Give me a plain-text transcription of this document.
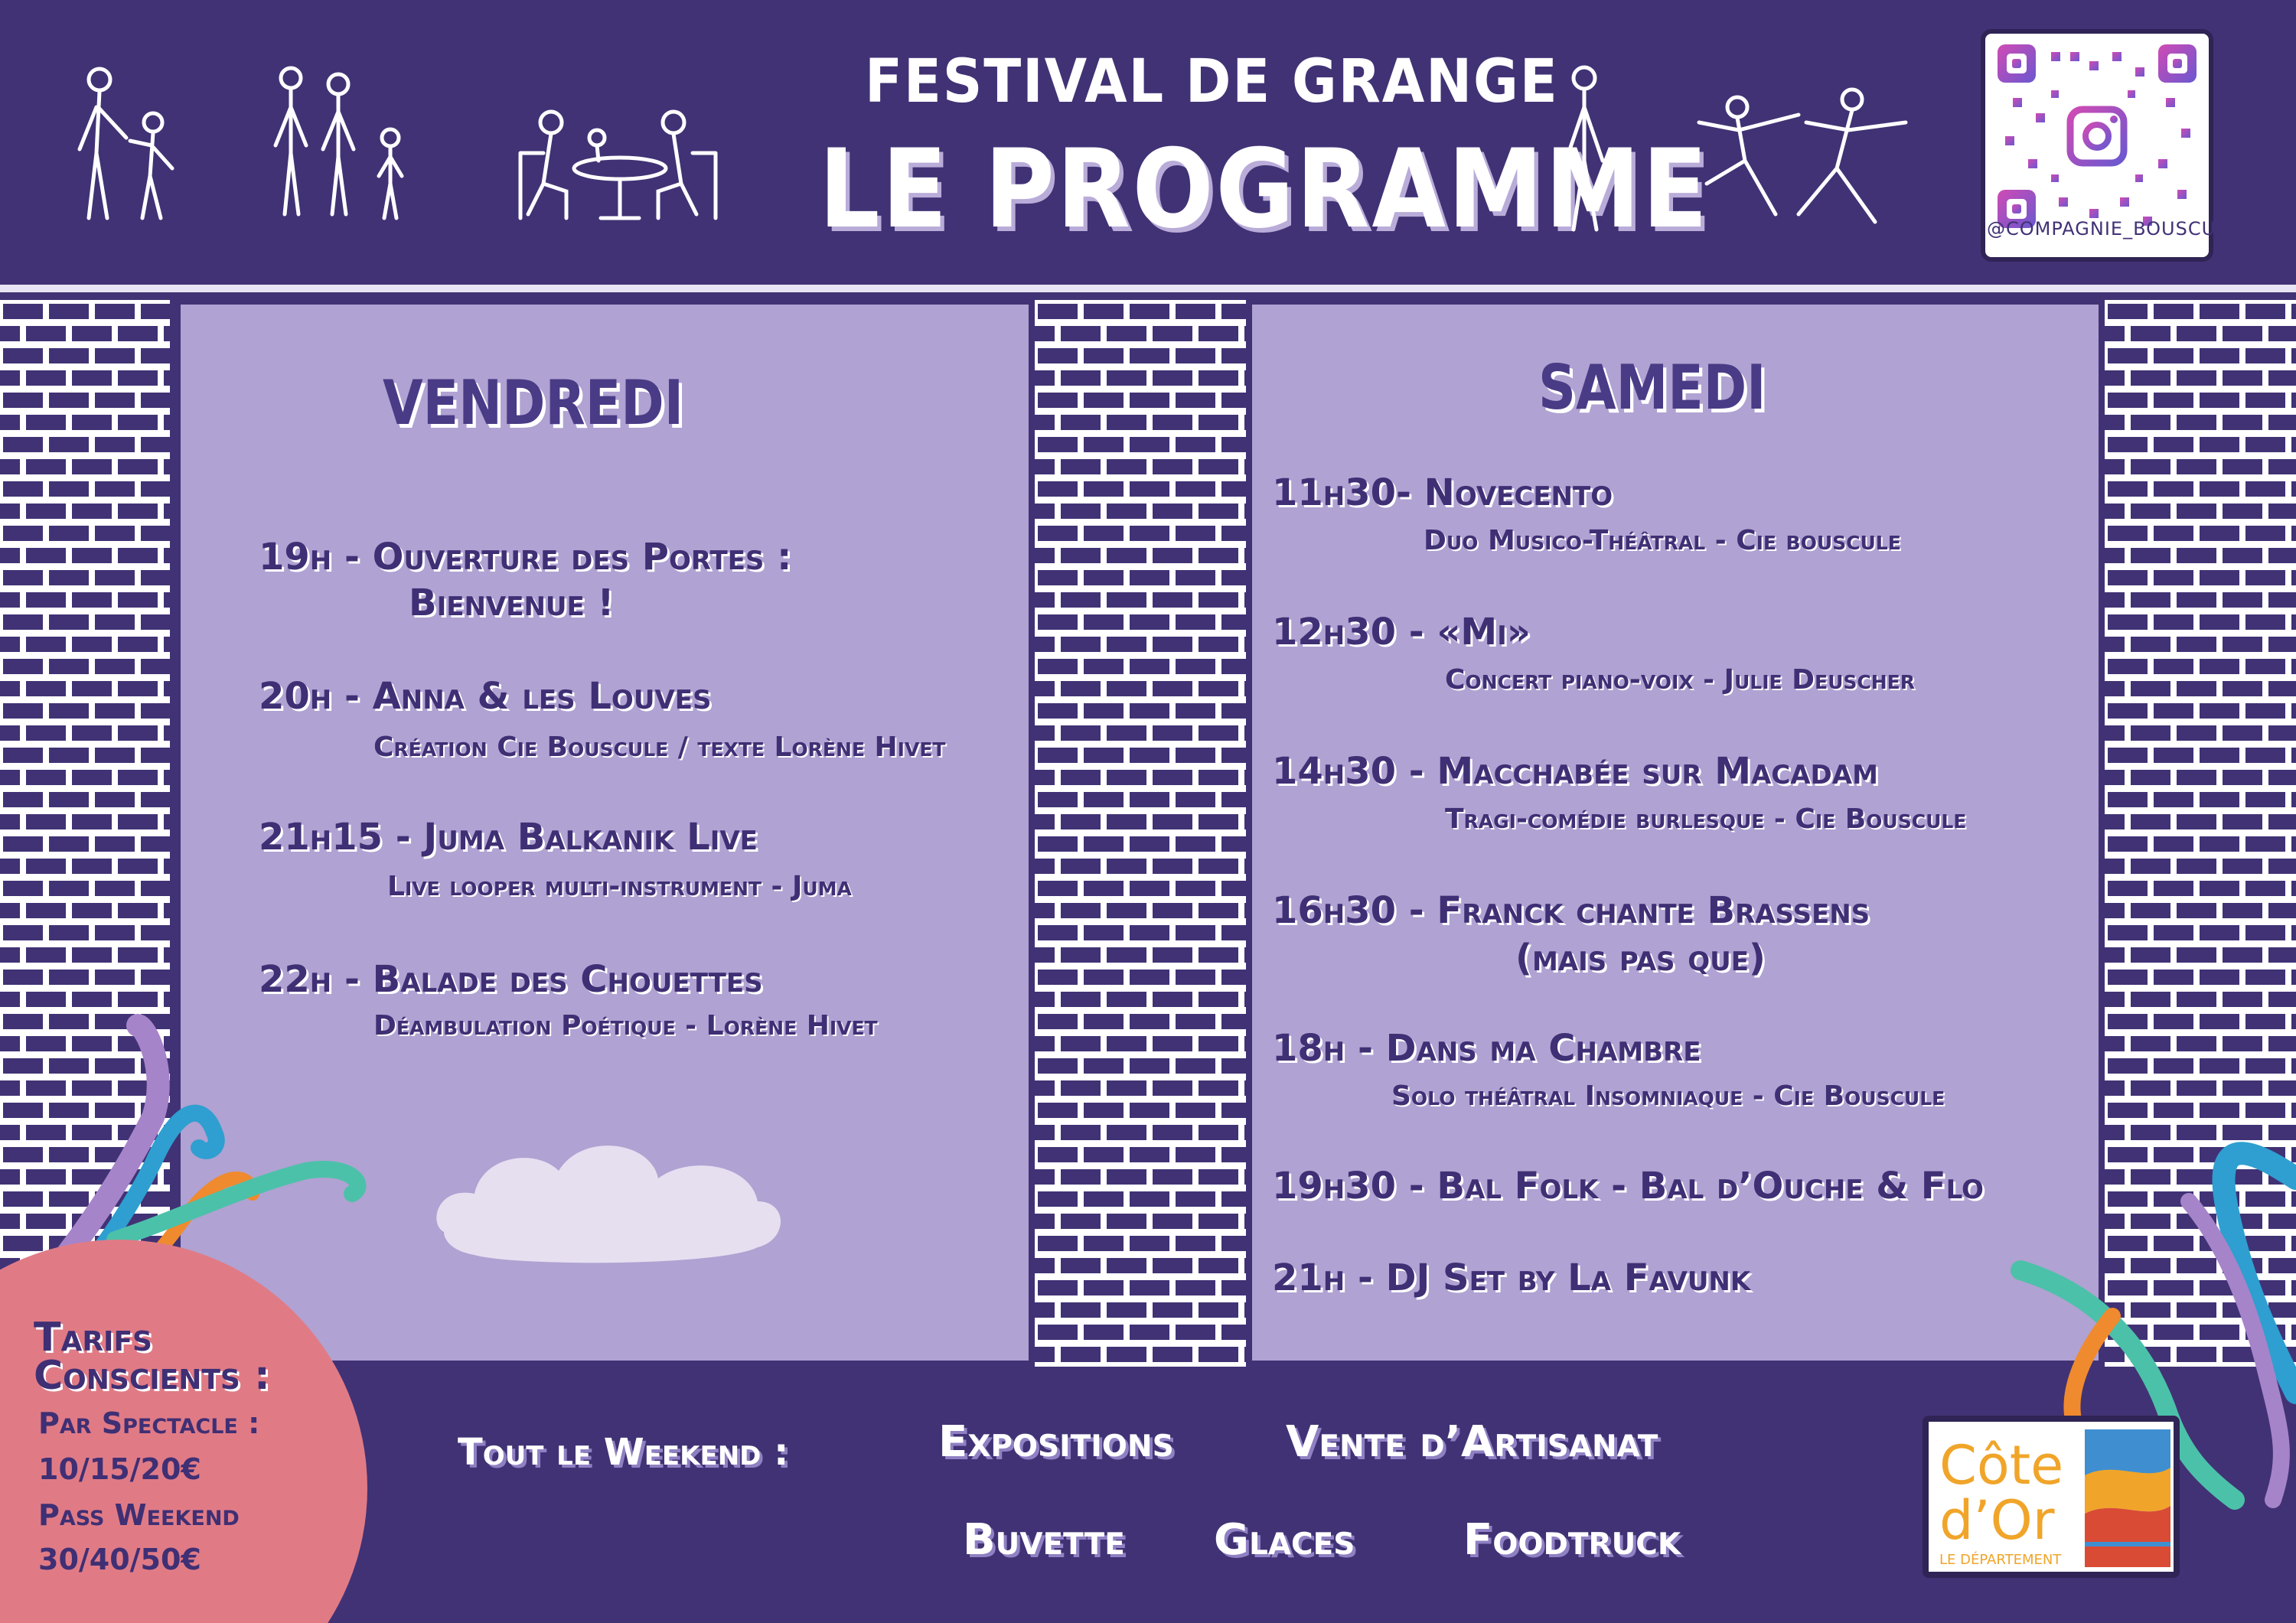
FESTIVAL DE GRANGE
LE PROGRAMME	@COMPAGNIE_BOUSCULE
VENDREDI
19h - Ouverture des Portes :
Bienvenue !
20h - Anna & les Louves
Création Cie Bouscule / texte Lorène Hivet
21h15 - Juma Balkanik Live
Live looper multi-instrument - Juma
22h - Balade des Chouettes
Déambulation Poétique - Lorène Hivet
SAMEDI
11h30- Novecento
Duo Musico-Théâtral - Cie bouscule
12h30 - «Mi»
Concert piano-voix - Julie Deuscher
14h30 - Macchabée sur Macadam
Tragi-comédie burlesque - Cie Bouscule
16h30 - Franck chante Brassens
(mais pas que)
18h - Dans ma Chambre
Solo théâtral Insomniaque - Cie Bouscule
19h30 - Bal Folk - Bal d’Ouche & Flo
21h - DJ Set by La Favunk
Tarifs
Conscients :
Par Spectacle :
10/15/20€
Pass Weekend
30/40/50€
Tout le Weekend :	Expositions	Vente d’Artisanat
Buvette Glaces	Foodtruck
Côte
d’Or
LE DÉPARTEMENT
